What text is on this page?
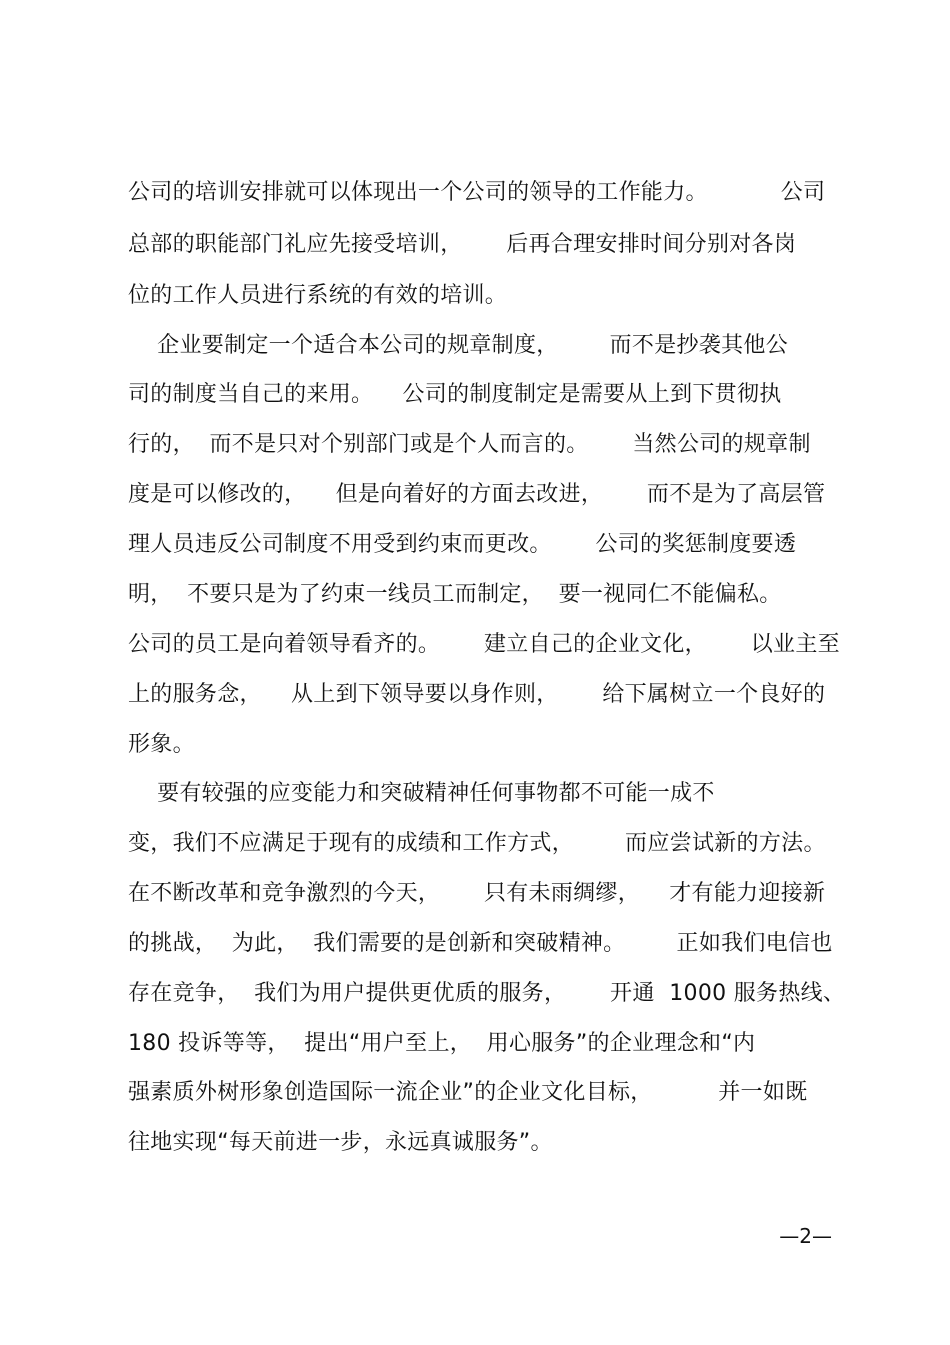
公司的培训安排就可以体现出一个公司的领导的工作能力。          公司
总部的职能部门礼应先接受培训，      后再合理安排时间分别对各岗
位的工作人员进行系统的有效的培训。
企业要制定一个适合本公司的规章制度，       而不是抄袭其他公
司的制度当自己的来用。    公司的制度制定是需要从上到下贯彻执
行的，  而不是只对个别部门或是个人而言的。      当然公司的规章制
度是可以修改的，    但是向着好的方面去改进，      而不是为了高层管
理人员违反公司制度不用受到约束而更改。      公司的奖惩制度要透
明，  不要只是为了约束一线员工而制定，  要一视同仁不能偏私。
公司的员工是向着领导看齐的。      建立自己的企业文化，      以业主至
上的服务念，    从上到下领导要以身作则，      给下属树立一个良好的
形象。
要有较强的应变能力和突破精神任何事物都不可能一成不
变，我们不应满足于现有的成绩和工作方式，       而应尝试新的方法。
在不断改革和竞争激烈的今天，      只有未雨绸缪，    才有能力迎接新
的挑战，  为此，  我们需要的是创新和突破精神。       正如我们电信也
存在竞争，  我们为用户提供更优质的服务，      开通  1000 服务热线、
180 投诉等等，  提出“用户至上，  用心服务”的企业理念和“内
强素质外树形象创造国际一流企业”的企业文化目标，         并一如既
往地实现“每天前进一步，永远真诚服务”。
—2—
